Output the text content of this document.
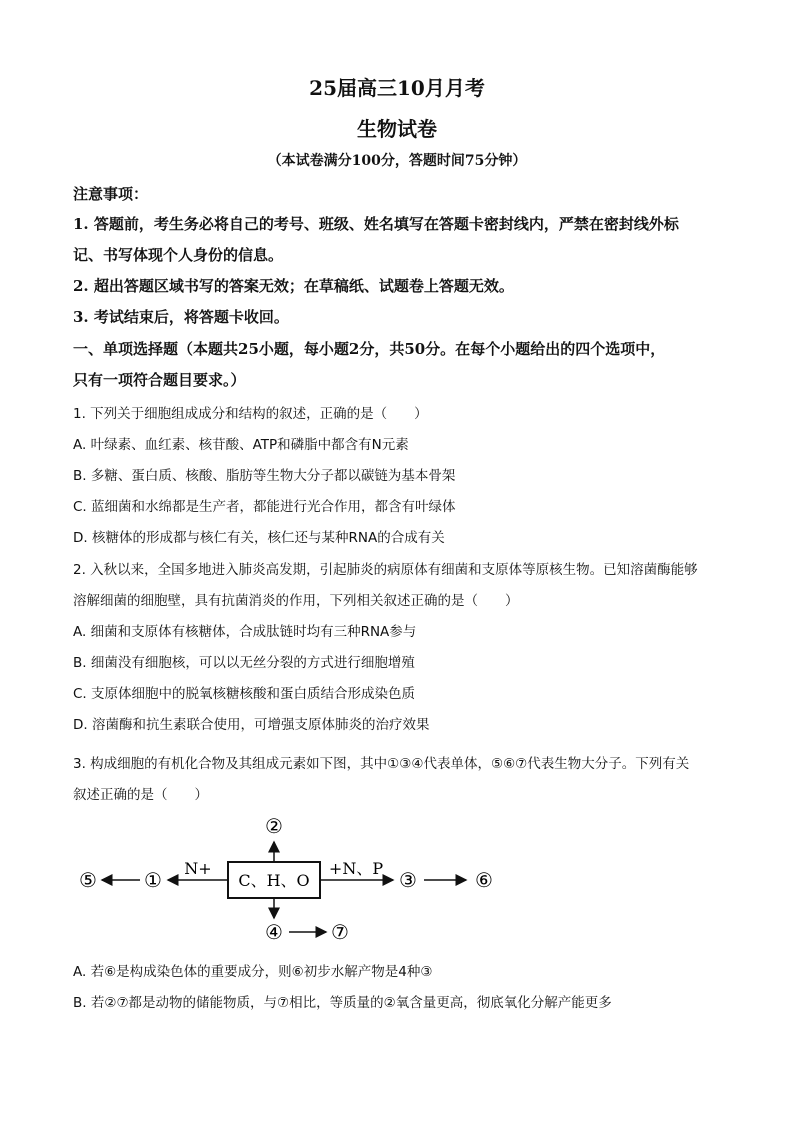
25届高三10月月考
生物试卷
（本试卷满分100分，答题时间75分钟）
注意事项：
1. 答题前，考生务必将自己的考号、班级、姓名填写在答题卡密封线内，严禁在密封线外标
记、书写体现个人身份的信息。
2. 超出答题区域书写的答案无效；在草稿纸、试题卷上答题无效。
3. 考试结束后，将答题卡收回。
一、单项选择题（本题共25小题，每小题2分，共50分。在每个小题给出的四个选项中，
只有一项符合题目要求。）
1. 下列关于细胞组成成分和结构的叙述，正确的是（　　）
A. 叶绿素、血红素、核苷酸、ATP和磷脂中都含有N元素
B. 多糖、蛋白质、核酸、脂肪等生物大分子都以碳链为基本骨架
C. 蓝细菌和水绵都是生产者，都能进行光合作用，都含有叶绿体
D. 核糖体的形成都与核仁有关，核仁还与某种RNA的合成有关
2. 入秋以来，全国多地进入肺炎高发期，引起肺炎的病原体有细菌和支原体等原核生物。已知溶菌酶能够
溶解细菌的细胞壁，具有抗菌消炎的作用，下列相关叙述正确的是（　　）
A. 细菌和支原体有核糖体，合成肽链时均有三种RNA参与
B. 细菌没有细胞核，可以以无丝分裂的方式进行细胞增殖
C. 支原体细胞中的脱氧核糖核酸和蛋白质结合形成染色质
D. 溶菌酶和抗生素联合使用，可增强支原体肺炎的治疗效果
3. 构成细胞的有机化合物及其组成元素如下图，其中①③④代表单体，⑤⑥⑦代表生物大分子。下列有关
叙述正确的是（　　）
C、H、O
②
N+
①
⑤	+N、P ③	⑥
④ ⑦
A. 若⑥是构成染色体的重要成分，则⑥初步水解产物是4种③
B. 若②⑦都是动物的储能物质，与⑦相比，等质量的②氧含量更高，彻底氧化分解产能更多
